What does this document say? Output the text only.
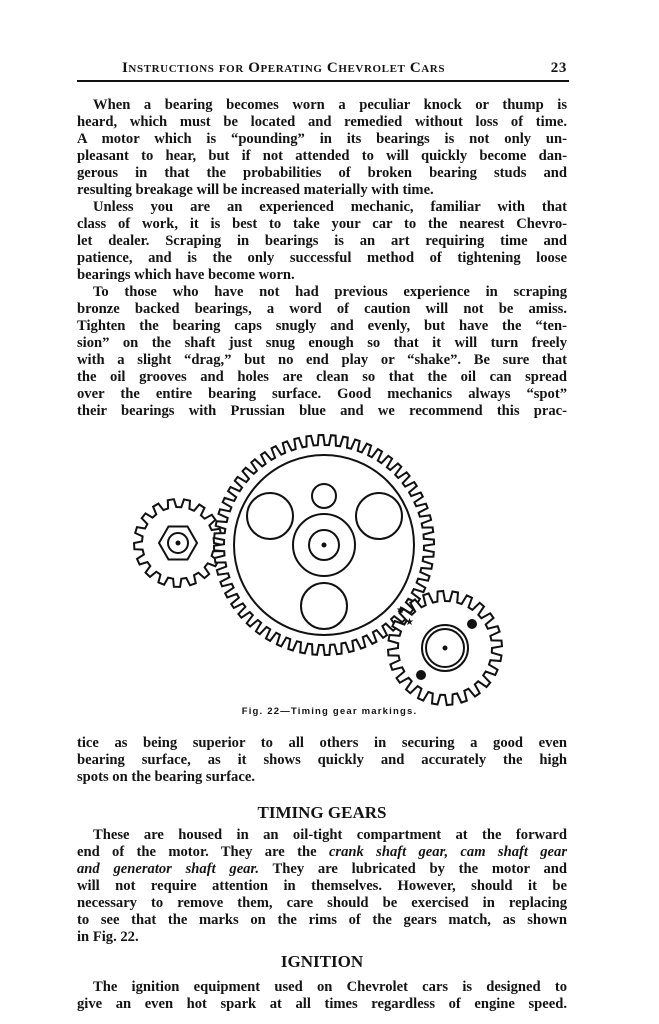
Instructions for Operating Chevrolet Cars	23
When a bearing becomes worn a peculiar knock or thump is
heard, which must be located and remedied without loss of time.
A motor which is “pounding” in its bearings is not only un-
pleasant to hear, but if not attended to will quickly become dan-
gerous in that the probabilities of broken bearing studs and
resulting breakage will be increased materially with time.
Unless you are an experienced mechanic, familiar with that
class of work, it is best to take your car to the nearest Chevro-
let dealer. Scraping in bearings is an art requiring time and
patience, and is the only successful method of tightening loose
bearings which have become worn.
To those who have not had previous experience in scraping
bronze backed bearings, a word of caution will not be amiss.
Tighten the bearing caps snugly and evenly, but have the “ten-
sion” on the shaft just snug enough so that it will turn freely
with a slight “drag,” but no end play or “shake”. Be sure that
the oil grooves and holes are clean so that the oil can spread
over the entire bearing surface. Good mechanics always “spot”
their bearings with Prussian blue and we recommend this prac-
★
★
Fig. 22—Timing gear markings.
tice as being superior to all others in securing a good even
bearing surface, as it shows quickly and accurately the high
spots on the bearing surface.
TIMING GEARS
These are housed in an oil-tight compartment at the forward
end of the motor. They are the crank shaft gear, cam shaft gear
and generator shaft gear. They are lubricated by the motor and
will not require attention in themselves. However, should it be
necessary to remove them, care should be exercised in replacing
to see that the marks on the rims of the gears match, as shown
in Fig. 22.
IGNITION
The ignition equipment used on Chevrolet cars is designed to
give an even hot spark at all times regardless of engine speed.
